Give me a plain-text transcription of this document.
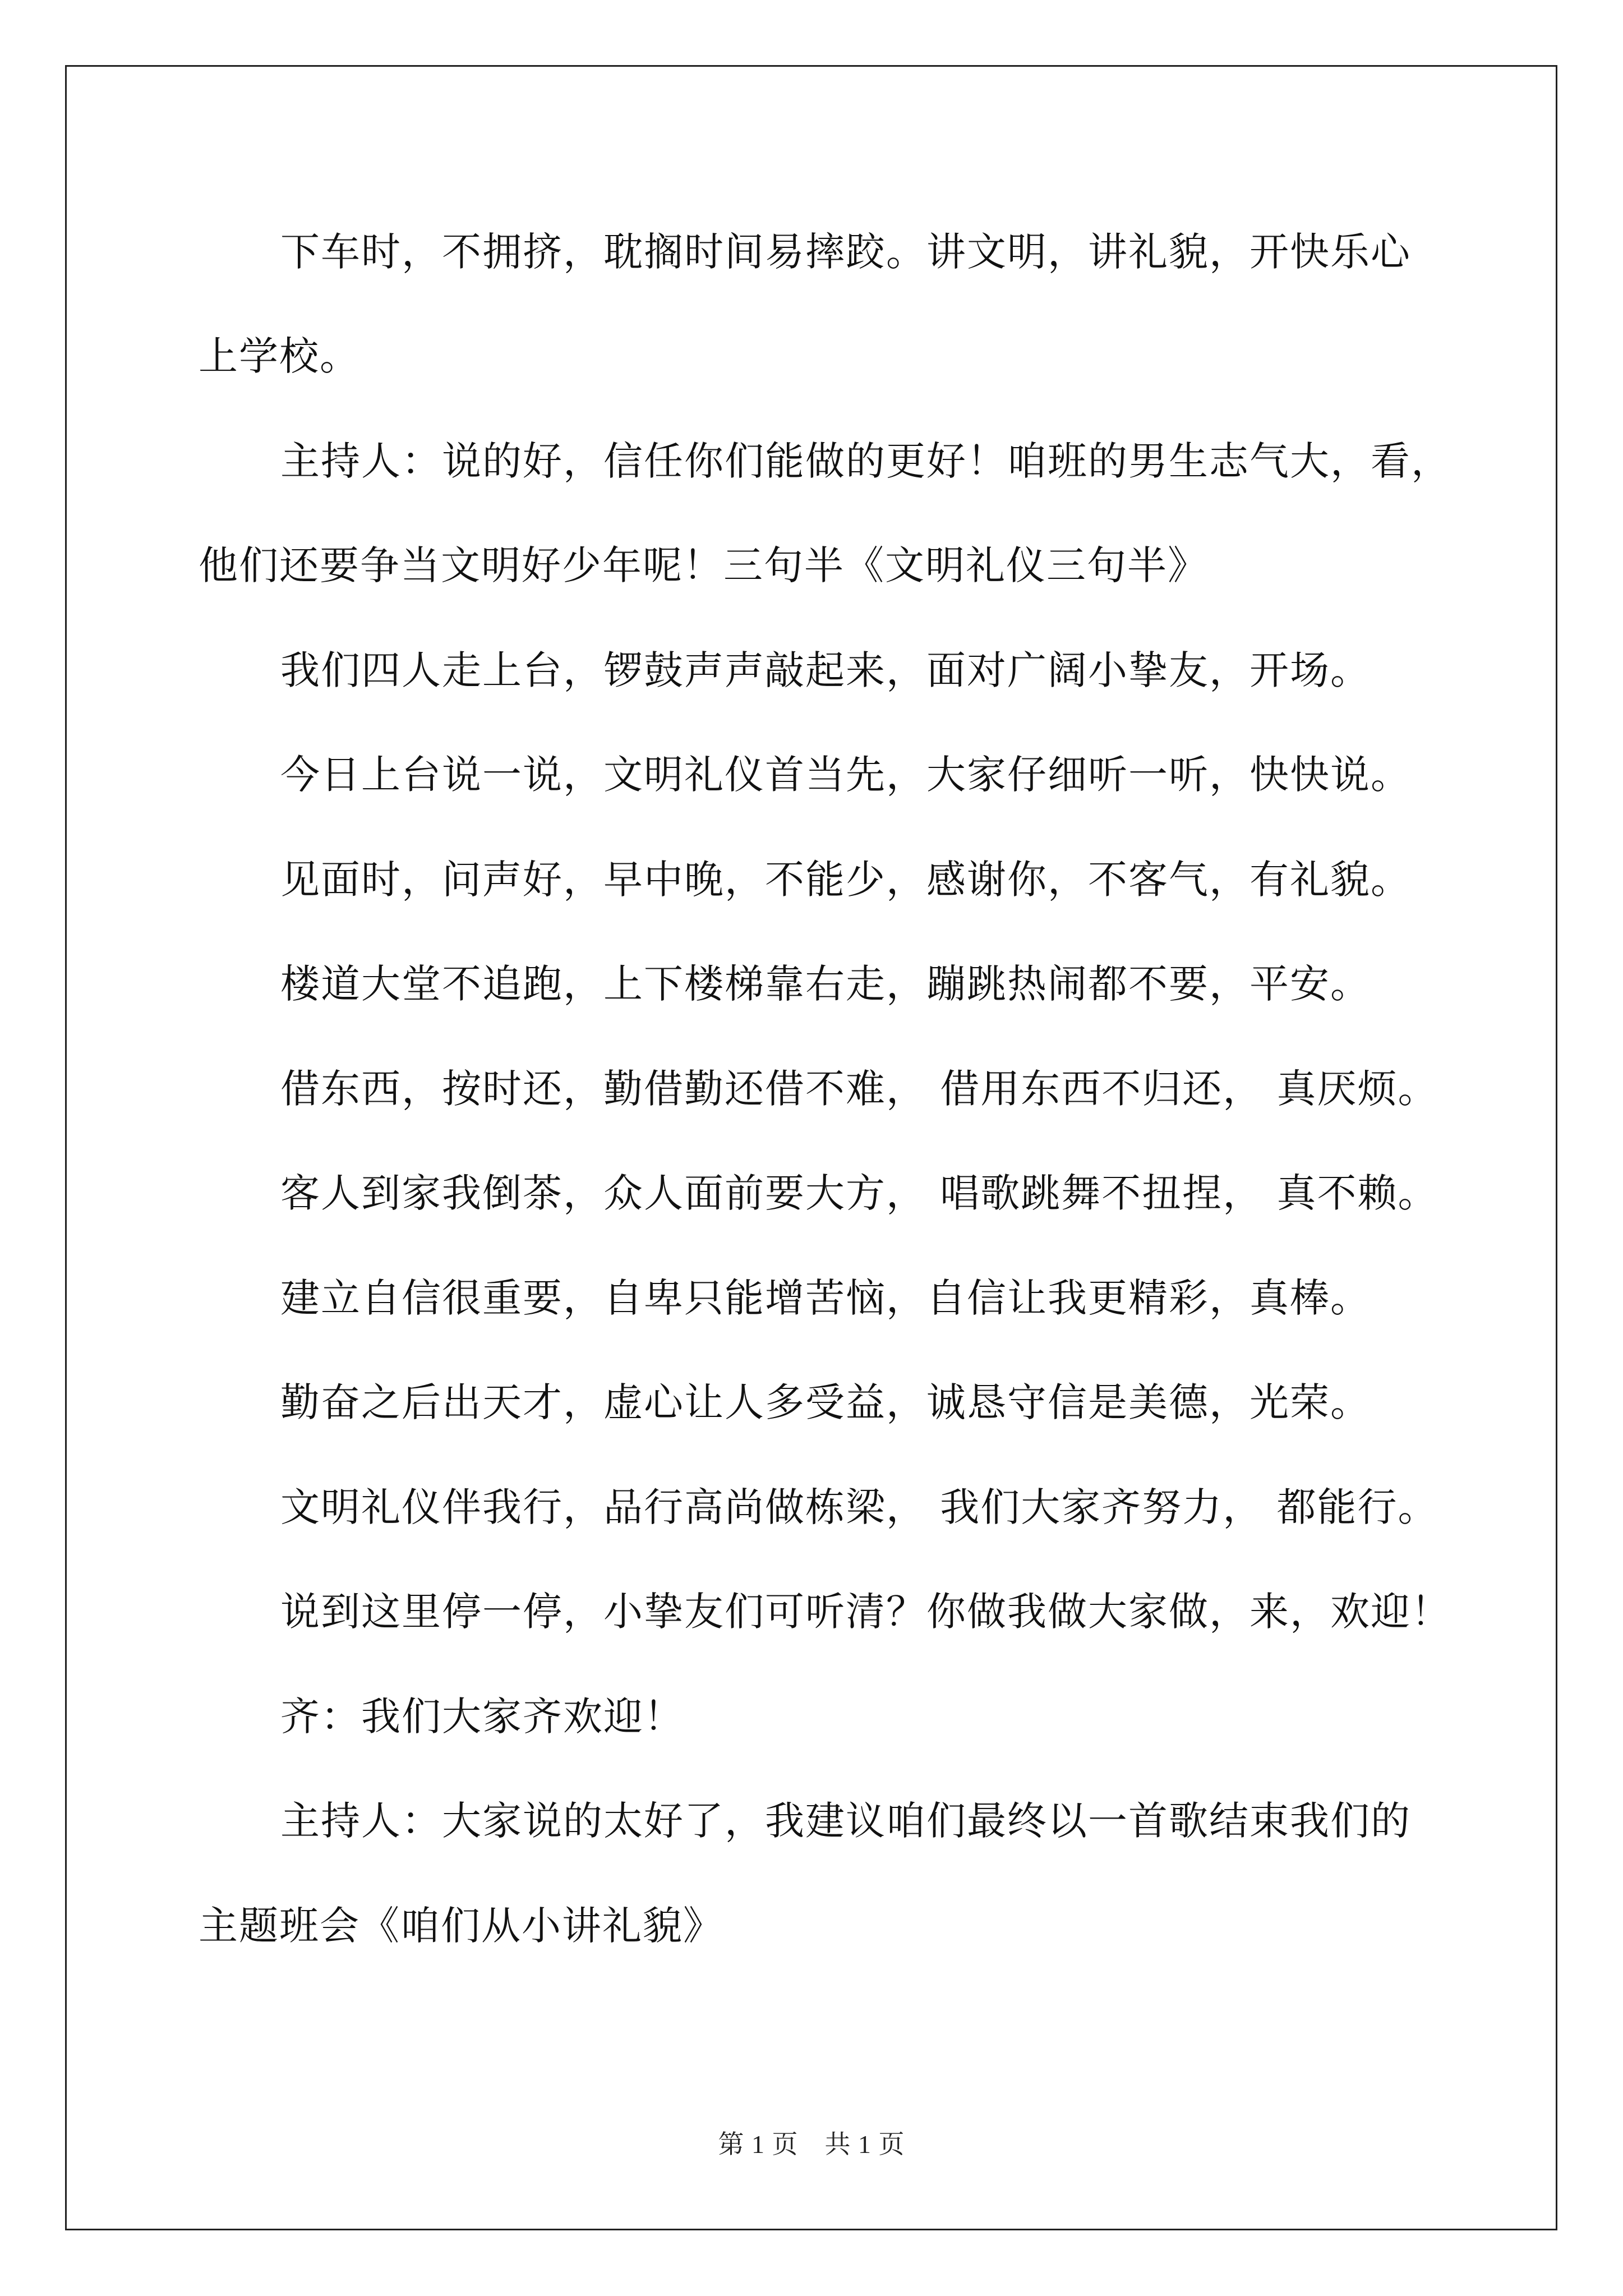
下车时，不拥挤，耽搁时间易摔跤。讲文明，讲礼貌，开快乐心

上学校。

主持人：说的好，信任你们能做的更好！咱班的男生志气大，看，

他们还要争当文明好少年呢！三句半《文明礼仪三句半》

我们四人走上台，锣鼓声声敲起来，面对广阔小挚友，开场。

今日上台说一说，文明礼仪首当先，大家仔细听一听，快快说。

见面时，问声好，早中晚，不能少，感谢你，不客气，有礼貌。

楼道大堂不追跑，上下楼梯靠右走，蹦跳热闹都不要，平安。

借东西，按时还，勤借勤还借不难， 借用东西不归还， 真厌烦。

客人到家我倒茶，众人面前要大方， 唱歌跳舞不扭捏， 真不赖。

建立自信很重要，自卑只能增苦恼，自信让我更精彩，真棒。

勤奋之后出天才，虚心让人多受益，诚恳守信是美德，光荣。

文明礼仪伴我行，品行高尚做栋梁， 我们大家齐努力， 都能行。

说到这里停一停，小挚友们可听清？你做我做大家做，来，欢迎！

齐：我们大家齐欢迎！

主持人：大家说的太好了，我建议咱们最终以一首歌结束我们的

主题班会《咱们从小讲礼貌》

第 1 页　共 1 页
